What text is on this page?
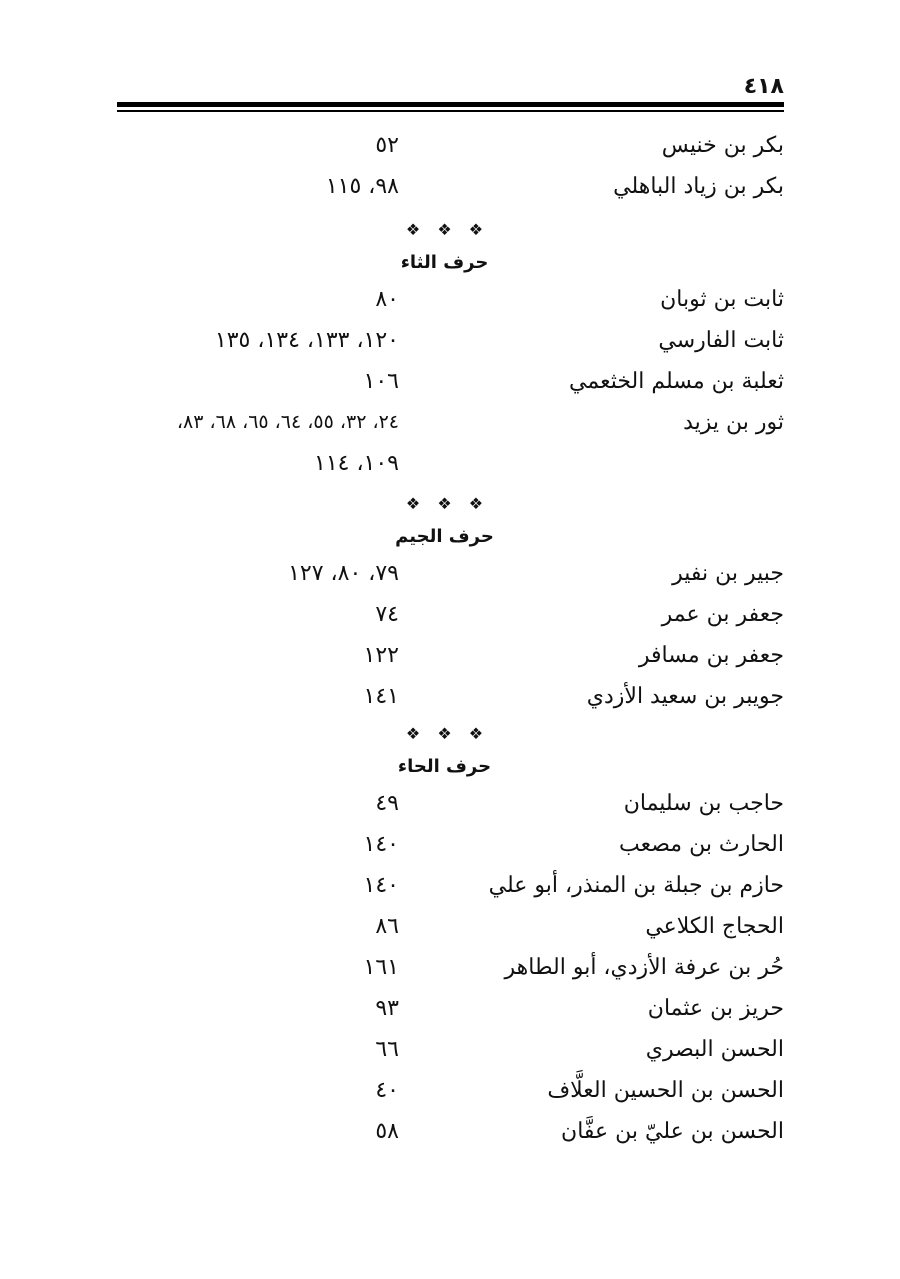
٤١٨
بكر بن خنيس
٥٢
بكر بن زياد الباهلي
٩٨، ١١٥
❖ ❖ ❖
حرف الثاء
ثابت بن ثوبان
٨٠
ثابت الفارسي
١٢٠، ١٣٣، ١٣٤، ١٣٥
ثعلبة بن مسلم الخثعمي
١٠٦
ثور بن يزيد
٢٤، ٣٢، ٥٥، ٦٤، ٦٥، ٦٨، ٨٣،
١٠٩، ١١٤
❖ ❖ ❖
حرف الجيم
جبير بن نفير
٧٩، ٨٠، ١٢٧
جعفر بن عمر
٧٤
جعفر بن مسافر
١٢٢
جويبر بن سعيد الأزدي
١٤١
❖ ❖ ❖
حرف الحاء
حاجب بن سليمان
٤٩
الحارث بن مصعب
١٤٠
حازم بن جبلة بن المنذر، أبو علي
١٤٠
الحجاج الكلاعي
٨٦
حُر بن عرفة الأزدي، أبو الطاهر
١٦١
حريز بن عثمان
٩٣
الحسن البصري
٦٦
الحسن بن الحسين العلَّاف
٤٠
الحسن بن عليّ بن عفَّان
٥٨
